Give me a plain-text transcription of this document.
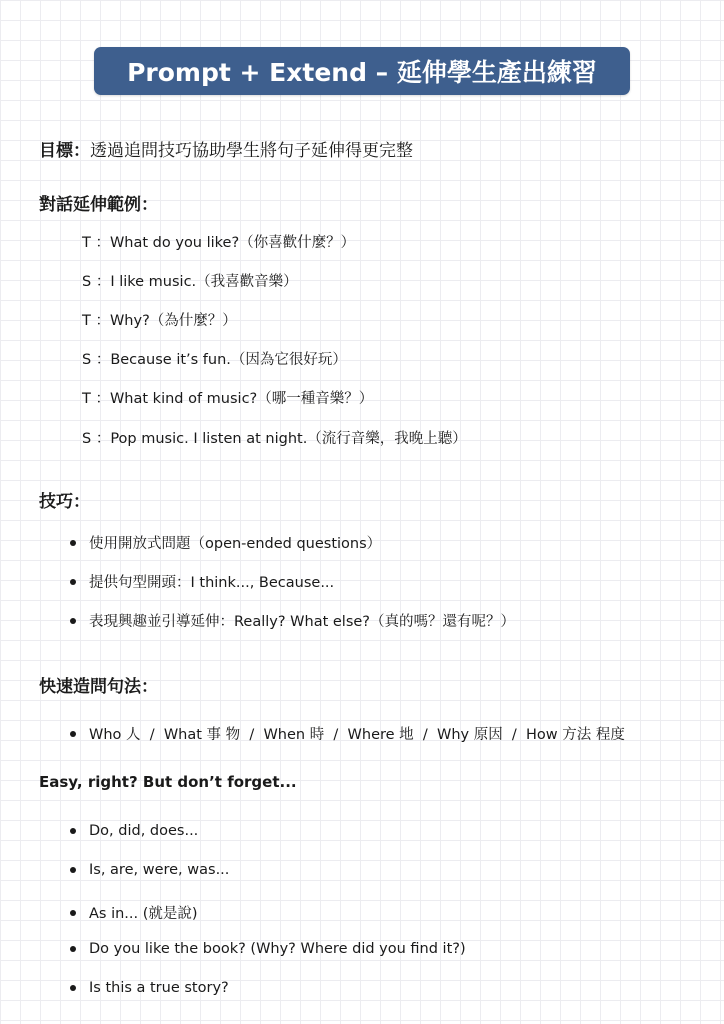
Prompt + Extend – 延伸學生產出練習
目標：透過追問技巧協助學生將句子延伸得更完整
對話延伸範例：
T ：What do you like?（你喜歡什麼？）
S ：I like music.（我喜歡音樂）
T ：Why?（為什麼？）
S ：Because it’s fun.（因為它很好玩）
T ：What kind of music?（哪一種音樂？）
S ：Pop music. I listen at night.（流行音樂，我晚上聽）
技巧：
使用開放式問題（open-ended questions）
提供句型開頭：I think..., Because...
表現興趣並引導延伸：Really? What else?（真的嗎？還有呢？）
快速造問句法：
Who 人  /  What 事 物  /  When 時  /  Where 地  /  Why 原因  /  How 方法 程度
Easy, right? But don’t forget...
Do, did, does...
Is, are, were, was...
As in... (就是說)
Do you like the book? (Why? Where did you find it?)
Is this a true story?
